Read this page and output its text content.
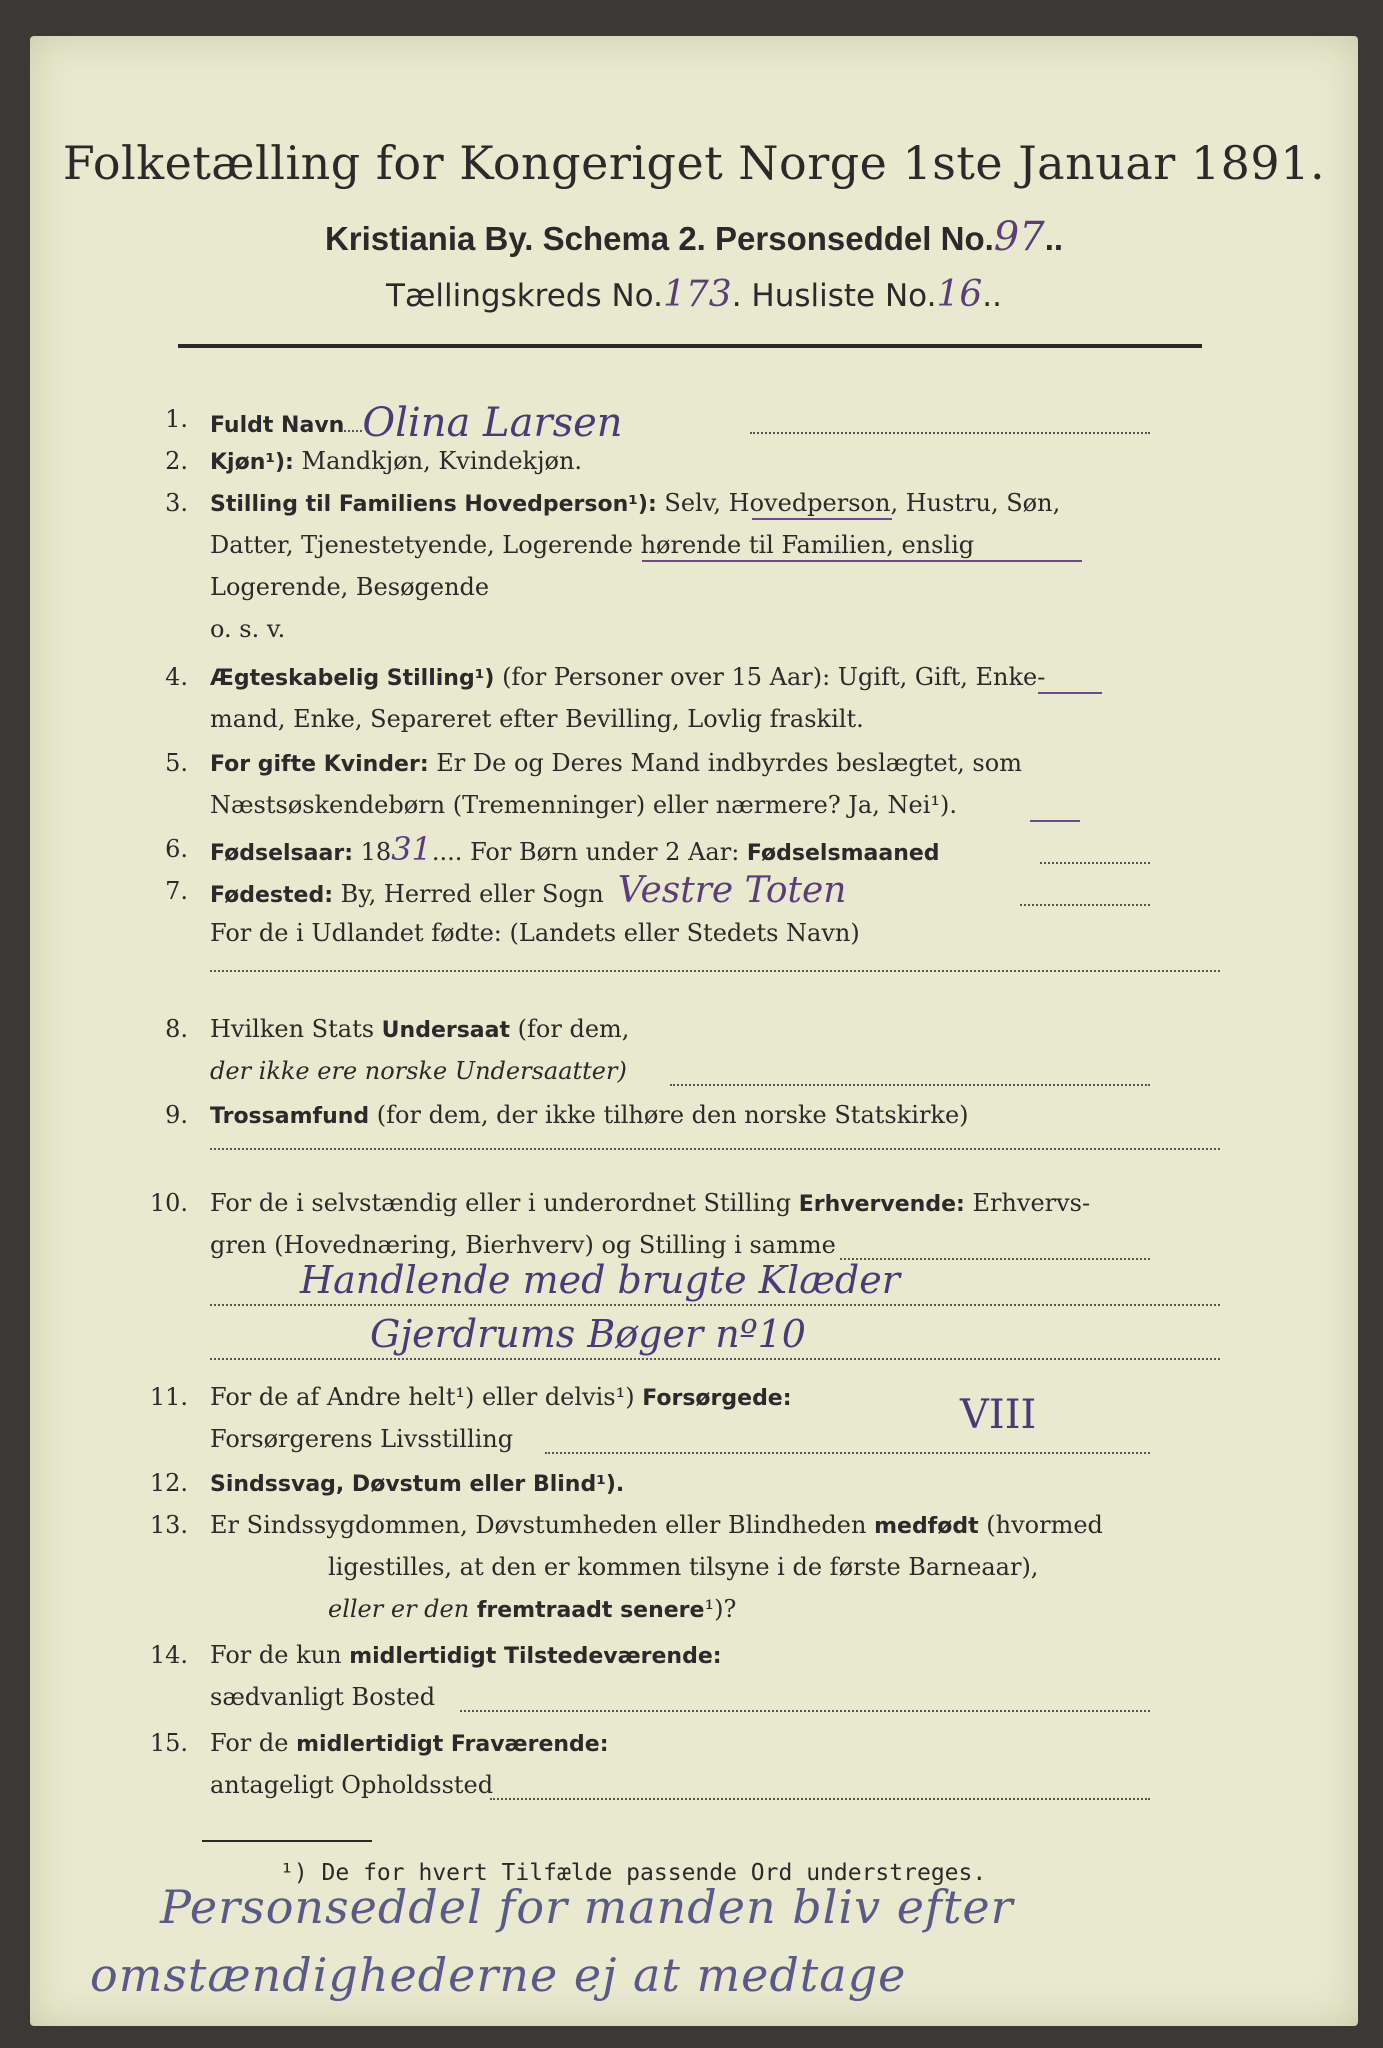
Folketælling for Kongeriget Norge 1ste Januar 1891.
Kristiania By. Schema 2. Personseddel No.97..
Tællingskreds No.173. Husliste No.16..
1. Fuldt Navn Olina Larsen
2. Kjøn¹): Mandkjøn, Kvindekjøn.
3. Stilling til Familiens Hovedperson¹): Selv, Hovedperson, Hustru, Søn,
Datter, Tjenestetyende, Logerende hørende til Familien, enslig
Logerende, Besøgende
o. s. v.
4. Ægteskabelig Stilling¹) (for Personer over 15 Aar): Ugift, Gift, Enke-
mand, Enke, Separeret efter Bevilling, Lovlig fraskilt.
5. For gifte Kvinder: Er De og Deres Mand indbyrdes beslægtet, som
Næstsøskendebørn (Tremenninger) eller nærmere? Ja, Nei¹).
6. Fødselsaar: 1831.... For Børn under 2 Aar: Fødselsmaaned
7. Fødested: By, Herred eller Sogn Vestre Toten
For de i Udlandet fødte: (Landets eller Stedets Navn)
8. Hvilken Stats Undersaat (for dem,
der ikke ere norske Undersaatter)
9. Trossamfund (for dem, der ikke tilhøre den norske Statskirke)
10. For de i selvstændig eller i underordnet Stilling Erhvervende: Erhvervs-
gren (Hovednæring, Bierhverv) og Stilling i samme
Handlende med brugte Klæder
Gjerdrums Bøger nº10
11. For de af Andre helt¹) eller delvis¹) Forsørgede:
Forsørgerens Livsstilling
VIII
12. Sindssvag, Døvstum eller Blind¹).
13. Er Sindssygdommen, Døvstumheden eller Blindheden medfødt (hvormed
ligestilles, at den er kommen tilsyne i de første Barneaar),
eller er den fremtraadt senere¹)?
14. For de kun midlertidigt Tilstedeværende:
sædvanligt Bosted
15. For de midlertidigt Fraværende:
antageligt Opholdssted
¹) De for hvert Tilfælde passende Ord understreges.
Personseddel for manden bliv efter
omstændighederne ej at medtage
